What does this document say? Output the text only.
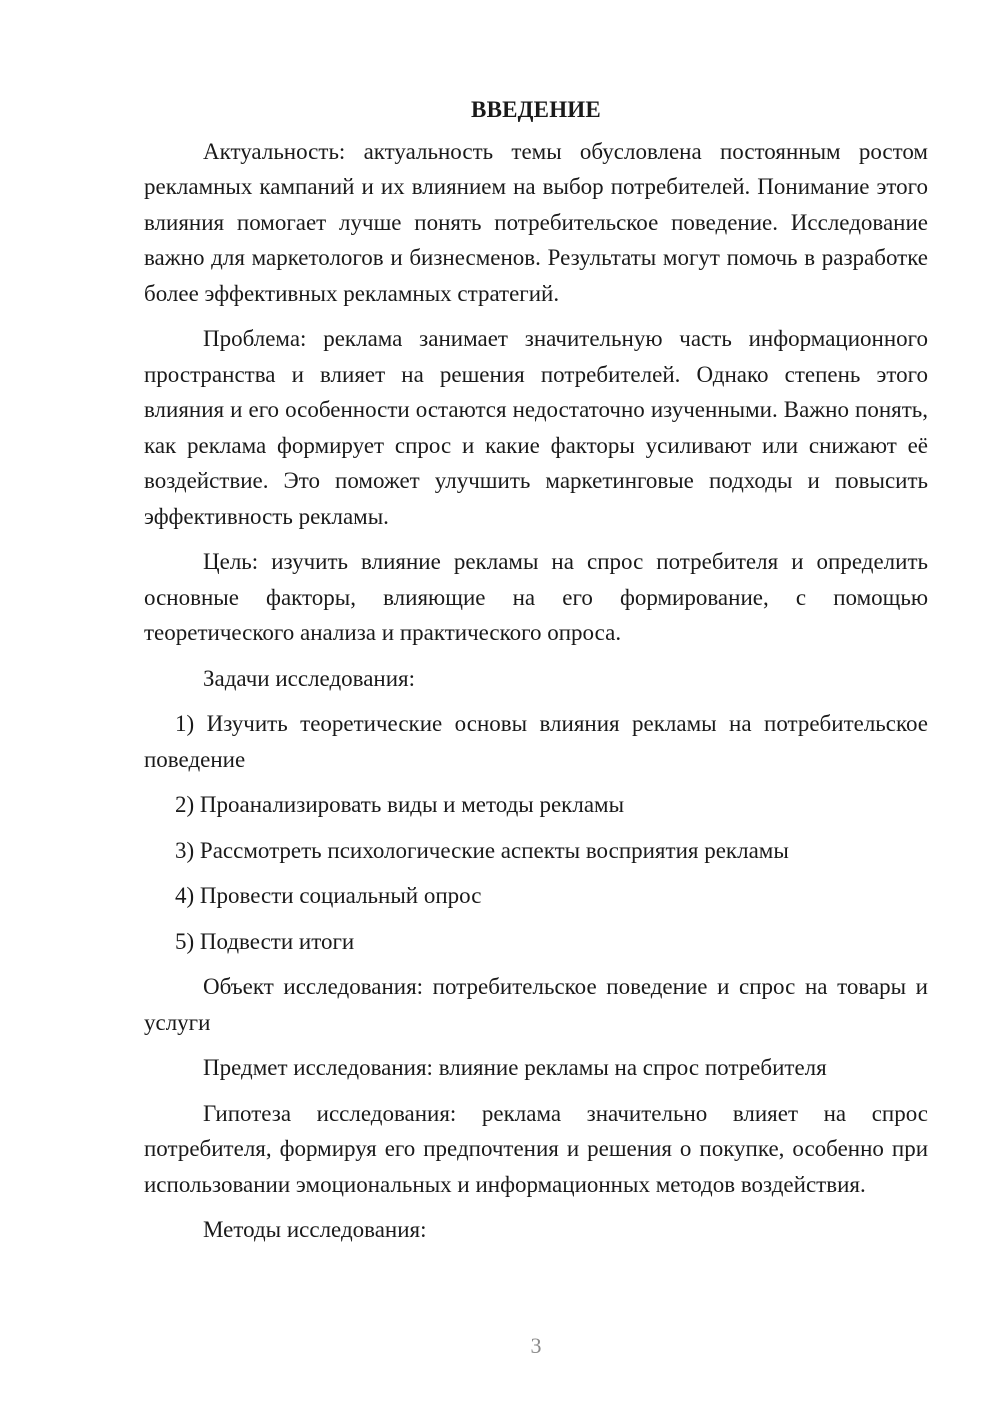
ВВЕДЕНИЕ

Актуальность: актуальность темы обусловлена постоянным ростом рекламных кампаний и их влиянием на выбор потребителей. Понимание этого влияния помогает лучше понять потребительское поведение. Исследование важно для маркетологов и бизнесменов. Результаты могут помочь в разработке более эффективных рекламных стратегий.

Проблема: реклама занимает значительную часть информационного пространства и влияет на решения потребителей. Однако степень этого влияния и его особенности остаются недостаточно изученными. Важно понять, как реклама формирует спрос и какие факторы усиливают или снижают её воздействие. Это поможет улучшить маркетинговые подходы и повысить эффективность рекламы.

Цель: изучить влияние рекламы на спрос потребителя и определить основные факторы, влияющие на его формирование, с помощью теоретического анализа и практического опроса.

Задачи исследования:

1) Изучить теоретические основы влияния рекламы на потребительское поведение

2) Проанализировать виды и методы рекламы

3) Рассмотреть психологические аспекты восприятия рекламы

4) Провести социальный опрос

5) Подвести итоги

Объект исследования: потребительское поведение и спрос на товары и услуги

Предмет исследования: влияние рекламы на спрос потребителя

Гипотеза исследования: реклама значительно влияет на спрос потребителя, формируя его предпочтения и решения о покупке, особенно при использовании эмоциональных и информационных методов воздействия.

Методы исследования:

3
